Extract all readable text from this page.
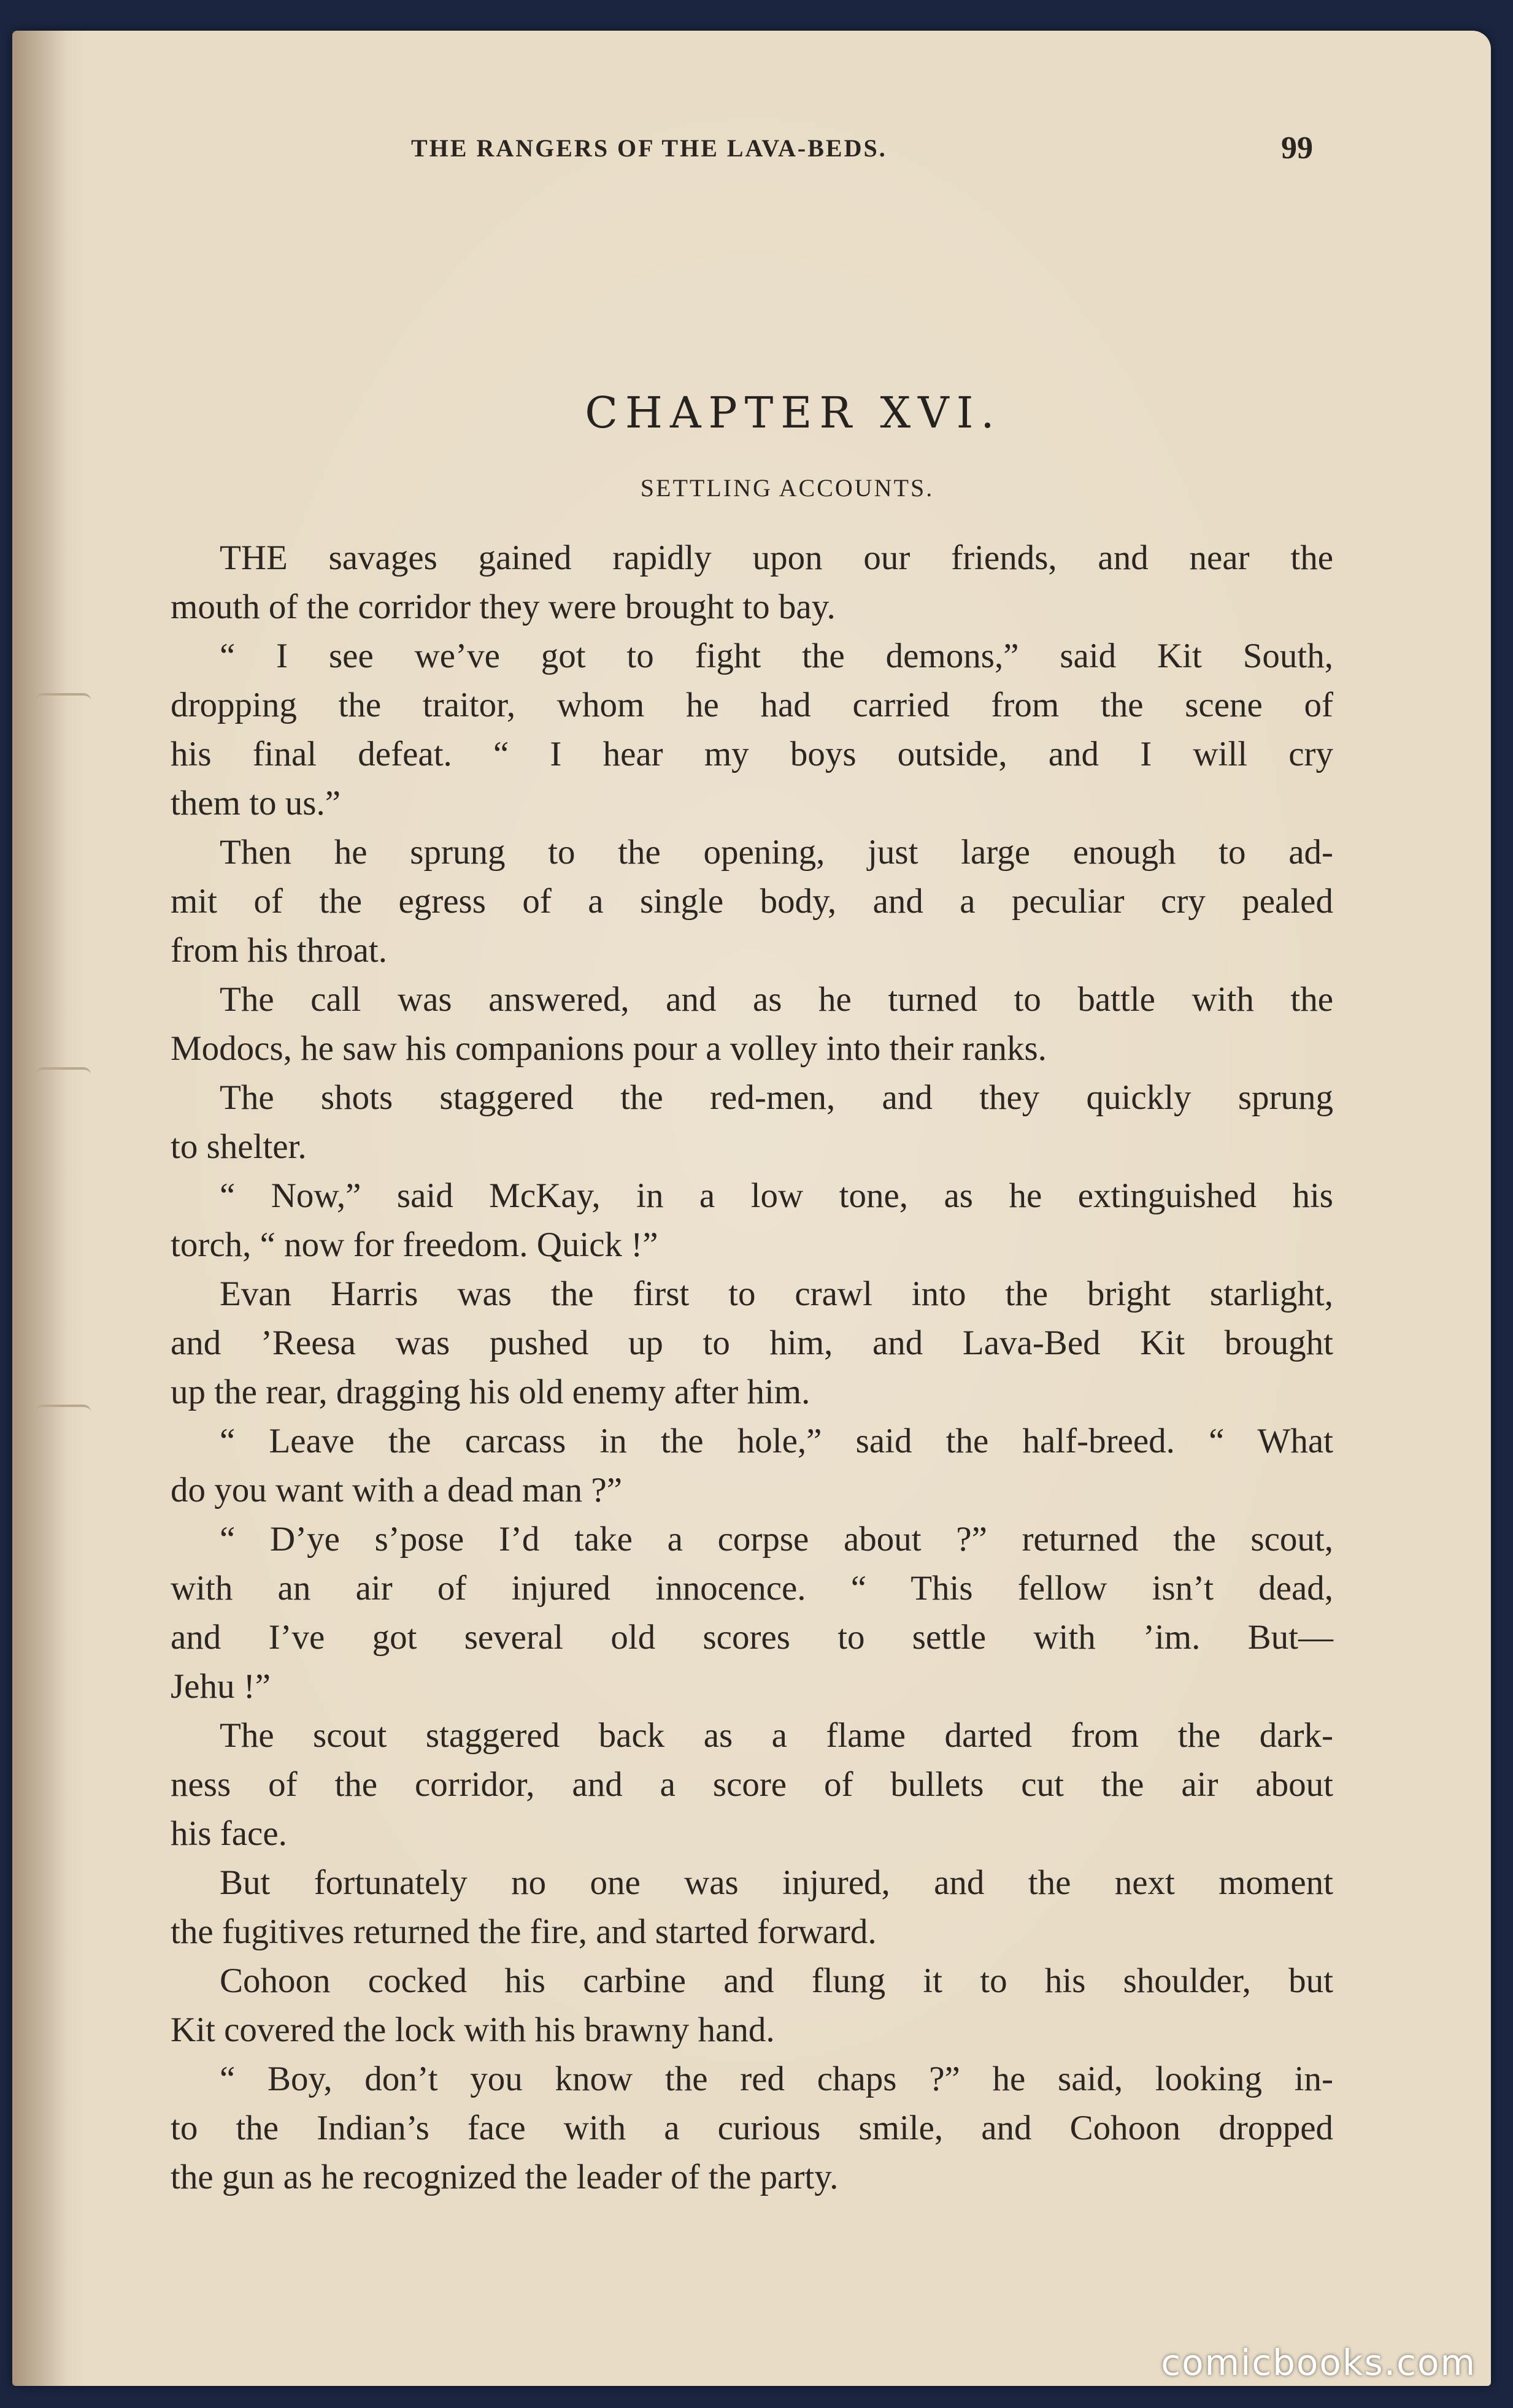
THE RANGERS OF THE LAVA-BEDS.	99
CHAPTER XVI.
SETTLING ACCOUNTS.
THE savages gained rapidly upon our friends, and near the
mouth of the corridor they were brought to bay.
“ I see we’ve got to fight the demons,” said Kit South,
dropping the traitor, whom he had carried from the scene of
his final defeat. “ I hear my boys outside, and I will cry
them to us.”
Then he sprung to the opening, just large enough to ad-
mit of the egress of a single body, and a peculiar cry pealed
from his throat.
The call was answered, and as he turned to battle with the
Modocs, he saw his companions pour a volley into their ranks.
The shots staggered the red-men, and they quickly sprung
to shelter.
“ Now,” said McKay, in a low tone, as he extinguished his
torch, “ now for freedom. Quick !”
Evan Harris was the first to crawl into the bright starlight,
and ’Reesa was pushed up to him, and Lava-Bed Kit brought
up the rear, dragging his old enemy after him.
“ Leave the carcass in the hole,” said the half-breed. “ What
do you want with a dead man ?”
“ D’ye s’pose I’d take a corpse about ?” returned the scout,
with an air of injured innocence. “ This fellow isn’t dead,
and I’ve got several old scores to settle with ’im. But—
Jehu !”
The scout staggered back as a flame darted from the dark-
ness of the corridor, and a score of bullets cut the air about
his face.
But fortunately no one was injured, and the next moment
the fugitives returned the fire, and started forward.
Cohoon cocked his carbine and flung it to his shoulder, but
Kit covered the lock with his brawny hand.
“ Boy, don’t you know the red chaps ?” he said, looking in-
to the Indian’s face with a curious smile, and Cohoon dropped
the gun as he recognized the leader of the party.
comicbooks.com
